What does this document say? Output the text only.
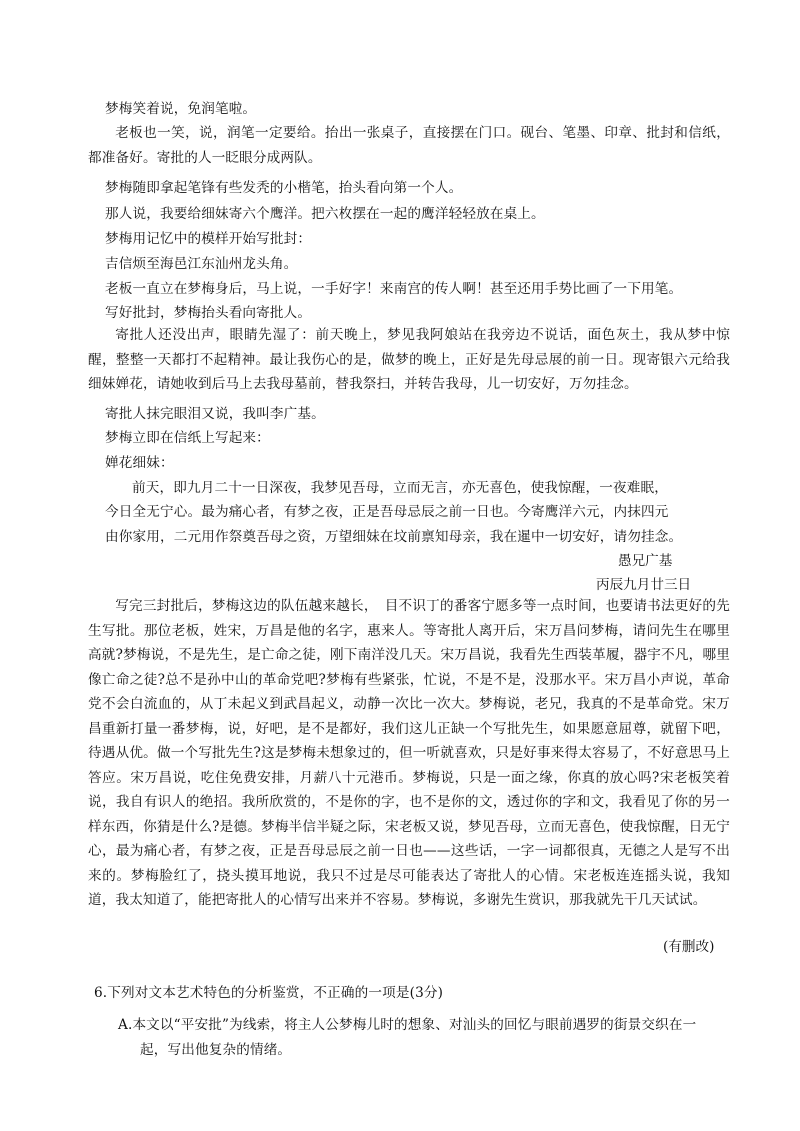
梦梅笑着说，免润笔啦。
老板也一笑，说，润笔一定要给。抬出一张桌子，直接摆在门口。砚台、笔墨、印章、批封和信纸，都准备好。寄批的人一眨眼分成两队。
梦梅随即拿起笔锋有些发秃的小楷笔，抬头看向第一个人。
那人说，我要给细妹寄六个鹰洋。把六枚摆在一起的鹰洋轻轻放在桌上。
梦梅用记忆中的模样开始写批封：
吉信烦至海邑江东汕州龙头角。
老板一直立在梦梅身后，马上说，一手好字！来南宫的传人啊！甚至还用手势比画了一下用笔。
写好批封，梦梅抬头看向寄批人。
寄批人还没出声，眼睛先湿了：前天晚上，梦见我阿娘站在我旁边不说话，面色灰土，我从梦中惊醒，整整一天都打不起精神。最让我伤心的是，做梦的晚上，正好是先母忌展的前一日。现寄银六元给我细妹婵花，请她收到后马上去我母墓前，替我祭扫，并转告我母，儿一切安好，万勿挂念。
寄批人抹完眼泪又说，我叫李广基。
梦梅立即在信纸上写起来：
婵花细妹：
前天，即九月二十一日深夜，我梦见吾母，立而无言，亦无喜色，使我惊醒，一夜难眠，
今日全无宁心。最为痛心者，有梦之夜，正是吾母忌辰之前一日也。今寄鹰洋六元，内抹四元
由你家用，二元用作祭奠吾母之资，万望细妹在坟前禀知母亲，我在暹中一切安好，请勿挂念。
愚兄广基
丙辰九月廿三日
写完三封批后，梦梅这边的队伍越来越长，　目不识丁的番客宁愿多等一点时间，也要请书法更好的先生写批。那位老板，姓宋，万昌是他的名字，惠来人。等寄批人离开后，宋万昌问梦梅，请问先生在哪里高就?梦梅说，不是先生，是亡命之徒，刚下南洋没几天。宋万昌说，我看先生西装革履，器宇不凡，哪里像亡命之徒?总不是孙中山的革命党吧?梦梅有些紧张，忙说，不是不是，没那水平。宋万昌小声说，革命党不会白流血的，从丁未起义到武昌起义，动静一次比一次大。梦梅说，老兄，我真的不是革命党。宋万昌重新打量一番梦梅，说，好吧，是不是都好，我们这儿正缺一个写批先生，如果愿意屈尊，就留下吧，待遇从优。做一个写批先生?这是梦梅未想象过的，但一听就喜欢，只是好事来得太容易了，不好意思马上答应。宋万昌说，吃住免费安排，月薪八十元港币。梦梅说，只是一面之缘，你真的放心吗?宋老板笑着说，我自有识人的绝招。我所欣赏的，不是你的字，也不是你的文，透过你的字和文，我看见了你的另一样东西，你猜是什么?是德。梦梅半信半疑之际，宋老板又说，梦见吾母，立而无喜色，使我惊醒，日无宁心，最为痛心者，有梦之夜，正是吾母忌辰之前一日也——这些话，一字一词都很真，无德之人是写不出来的。梦梅脸红了，挠头摸耳地说，我只不过是尽可能表达了寄批人的心情。宋老板连连摇头说，我知道，我太知道了，能把寄批人的心情写出来并不容易。梦梅说，多谢先生赏识，那我就先干几天试试。
(有删改)
6.下列对文本艺术特色的分析鉴赏，不正确的一项是(3分)
A.本文以“平安批”为线索，将主人公梦梅儿时的想象、对汕头的回忆与眼前遇罗的街景交织在一
起，写出他复杂的情绪。
